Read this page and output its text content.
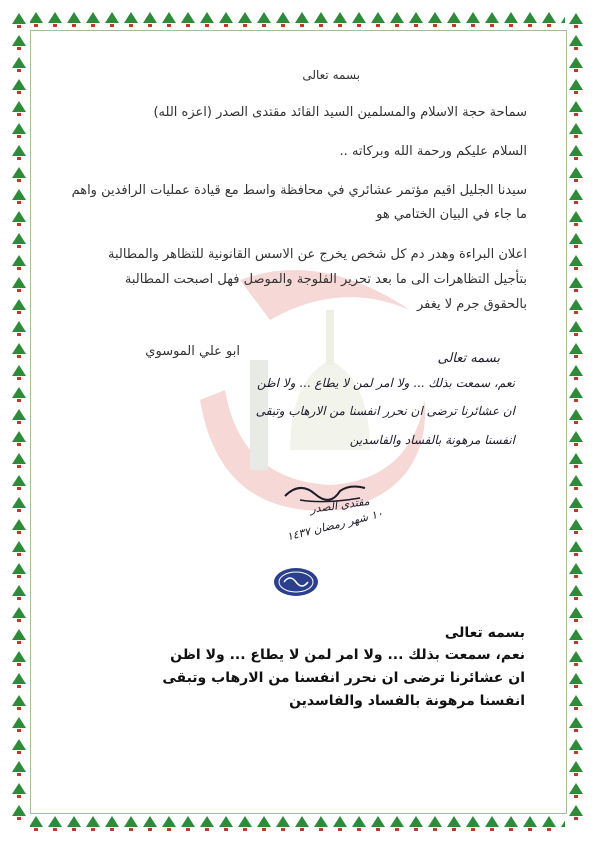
بسمه تعالى
سماحة حجة الاسلام والمسلمين السيد القائد مقتدى الصدر (اعزه الله)
السلام عليكم ورحمة الله وبركاته ..
سيدنا الجليل اقيم مؤتمر عشائري في محافظة واسط مع قيادة عمليات الرافدين واهم
ما جاء في البيان الختامي هو
اعلان البراءة وهدر دم كل شخص يخرج عن الاسس القانونية للتظاهر والمطالبة
بتأجيل التظاهرات الى ما بعد تحرير الفلوجة والموصل فهل اصبحت المطالبة
بالحقوق جرم لا يغفر
ابو علي الموسوي	بسمه تعالى
نعم، سمعت بذلك ... ولا امر لمن لا يطاع ... ولا اظن
ان عشائرنا ترضى ان نحرر انفسنا من الارهاب وتبقى
انفسنا مرهونة بالفساد والفاسدين
مقتدى الصدر
١٠ شهر رمضان ١٤٣٧
بسمه تعالى
نعم، سمعت بذلك ... ولا امر لمن لا يطاع ... ولا اظن
ان عشائرنا ترضى ان نحرر انفسنا من الارهاب وتبقى
انفسنا مرهونة بالفساد والفاسدين
